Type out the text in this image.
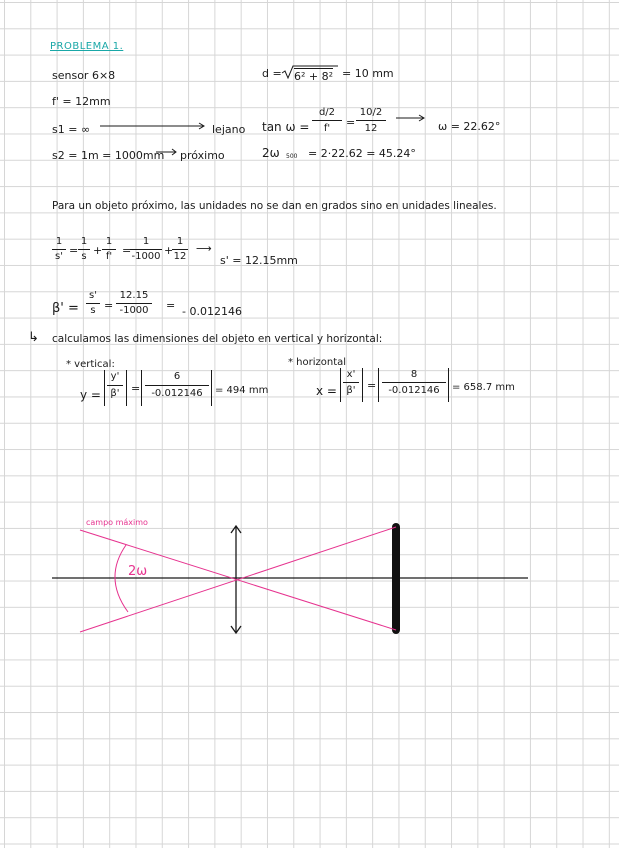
PROBLEMA 1.
sensor 6×8
f' = 12mm
s1 = ∞	lejano
s2 = 1m = 1000mm próximo
d = 6² + 8² = 10 mm
tan ω =
d/2
f'	=
10/2
12	ω = 22.62°
2ω 500 = 2·22.62 = 45.24°
Para un objeto próximo, las unidades no se dan en grados sino en unidades lineales.
1
s' =
1
s +
1
f' =
1
-1000 +
1
12
⟶
s' = 12.15mm
β' =
s'
s =
12.15
-1000	= - 0.012146
↳ calculamos las dimensiones del objeto en vertical y horizontal:
* vertical:
y =
y'
β'	=
6
-0.012146	= 494 mm
* horizontal
x =
x'
β'	=
8
-0.012146	= 658.7 mm
campo máximo
2ω
